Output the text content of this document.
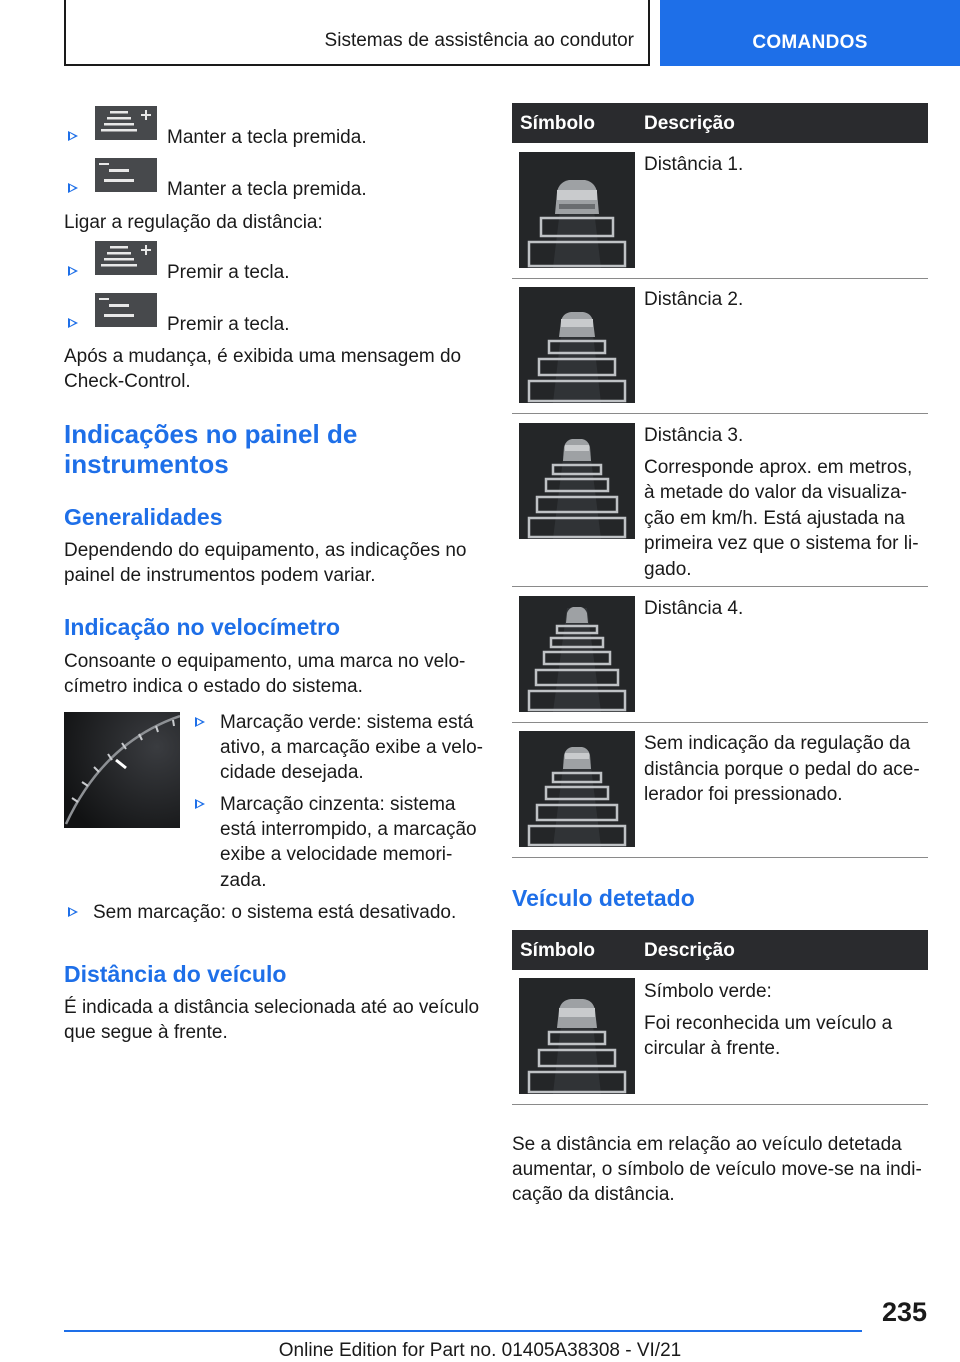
Sistemas de assistência ao condutor	COMANDOS
Manter a tecla premida.
Manter a tecla premida.
Ligar a regulação da distância:
Premir a tecla.
Premir a tecla.
Após a mudança, é exibida uma mensagem do
Check-Control.
Indicações no painel de
instrumentos
Generalidades
Dependendo do equipamento, as indicações no
painel de instrumentos podem variar.
Indicação no velocímetro
Consoante o equipamento, uma marca no velo‐
címetro indica o estado do sistema.
Marcação verde: sistema está
ativo, a marcação exibe a velo‐
cidade desejada.
Marcação cinzenta: sistema
está interrompido, a marcação
exibe a velocidade memori‐
zada.
Sem marcação: o sistema está desativado.
Distância do veículo
É indicada a distância selecionada até ao veículo
que segue à frente.
Símbolo	Descrição
Distância 1.
Distância 2.
Distância 3.
Corresponde aprox. em metros,
à metade do valor da visualiza‐
ção em km/h. Está ajustada na
primeira vez que o sistema for li‐
gado.
Distância 4.
Sem indicação da regulação da
distância porque o pedal do ace‐
lerador foi pressionado.
Veículo detetado
Símbolo	Descrição
Símbolo verde:
Foi reconhecida um veículo a
circular à frente.
Se a distância em relação ao veículo detetada
aumentar, o símbolo de veículo move-se na indi‐
cação da distância.
235
Online Edition for Part no. 01405A38308 - VI/21
